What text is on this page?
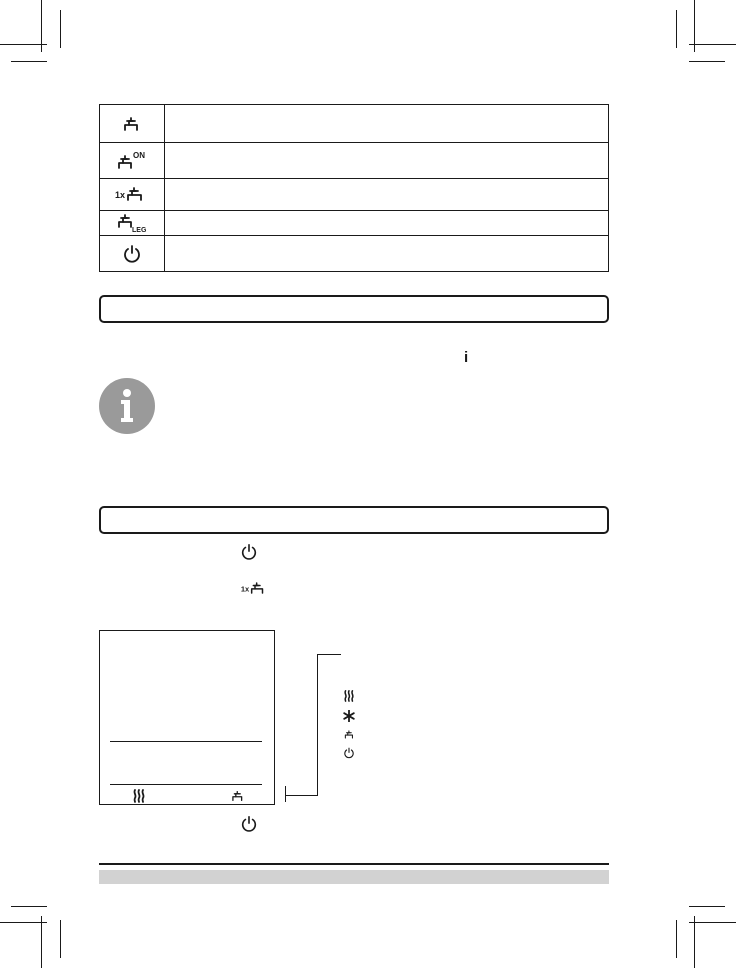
ON
1x
LEG
i
1x
